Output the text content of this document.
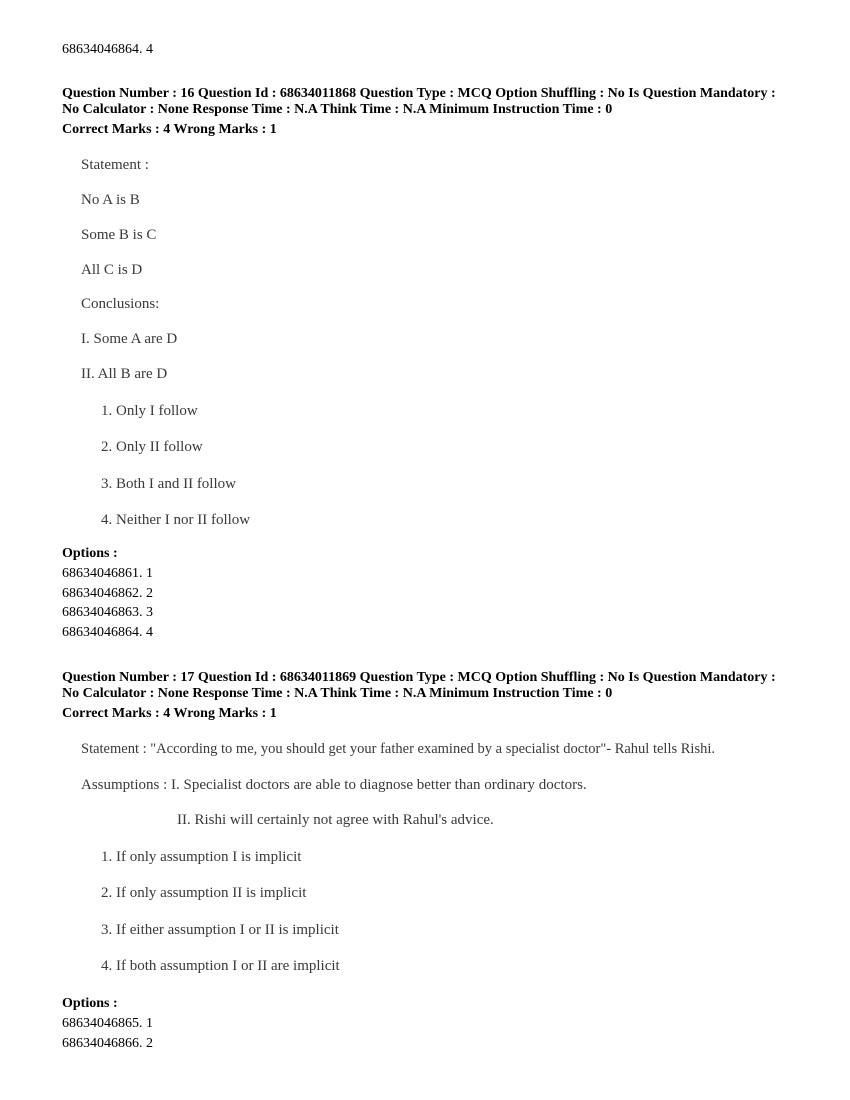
68634046864. 4
Question Number : 16 Question Id : 68634011868 Question Type : MCQ Option Shuffling : No Is Question Mandatory :
No Calculator : None Response Time : N.A Think Time : N.A Minimum Instruction Time : 0
Correct Marks : 4 Wrong Marks : 1
Statement :
No A is B
Some B is C
All C is D
Conclusions:
I. Some A are D
II. All B are D
1. Only I follow
2. Only II follow
3. Both I and II follow
4. Neither I nor II follow
Options :
68634046861. 1
68634046862. 2
68634046863. 3
68634046864. 4
Question Number : 17 Question Id : 68634011869 Question Type : MCQ Option Shuffling : No Is Question Mandatory :
No Calculator : None Response Time : N.A Think Time : N.A Minimum Instruction Time : 0
Correct Marks : 4 Wrong Marks : 1
Statement : "According to me, you should get your father examined by a specialist doctor"- Rahul tells Rishi.
Assumptions : I. Specialist doctors are able to diagnose better than ordinary doctors.
II. Rishi will certainly not agree with Rahul's advice.
1. If only assumption I is implicit
2. If only assumption II is implicit
3. If either assumption I or II is implicit
4. If both assumption I or II are implicit
Options :
68634046865. 1
68634046866. 2
